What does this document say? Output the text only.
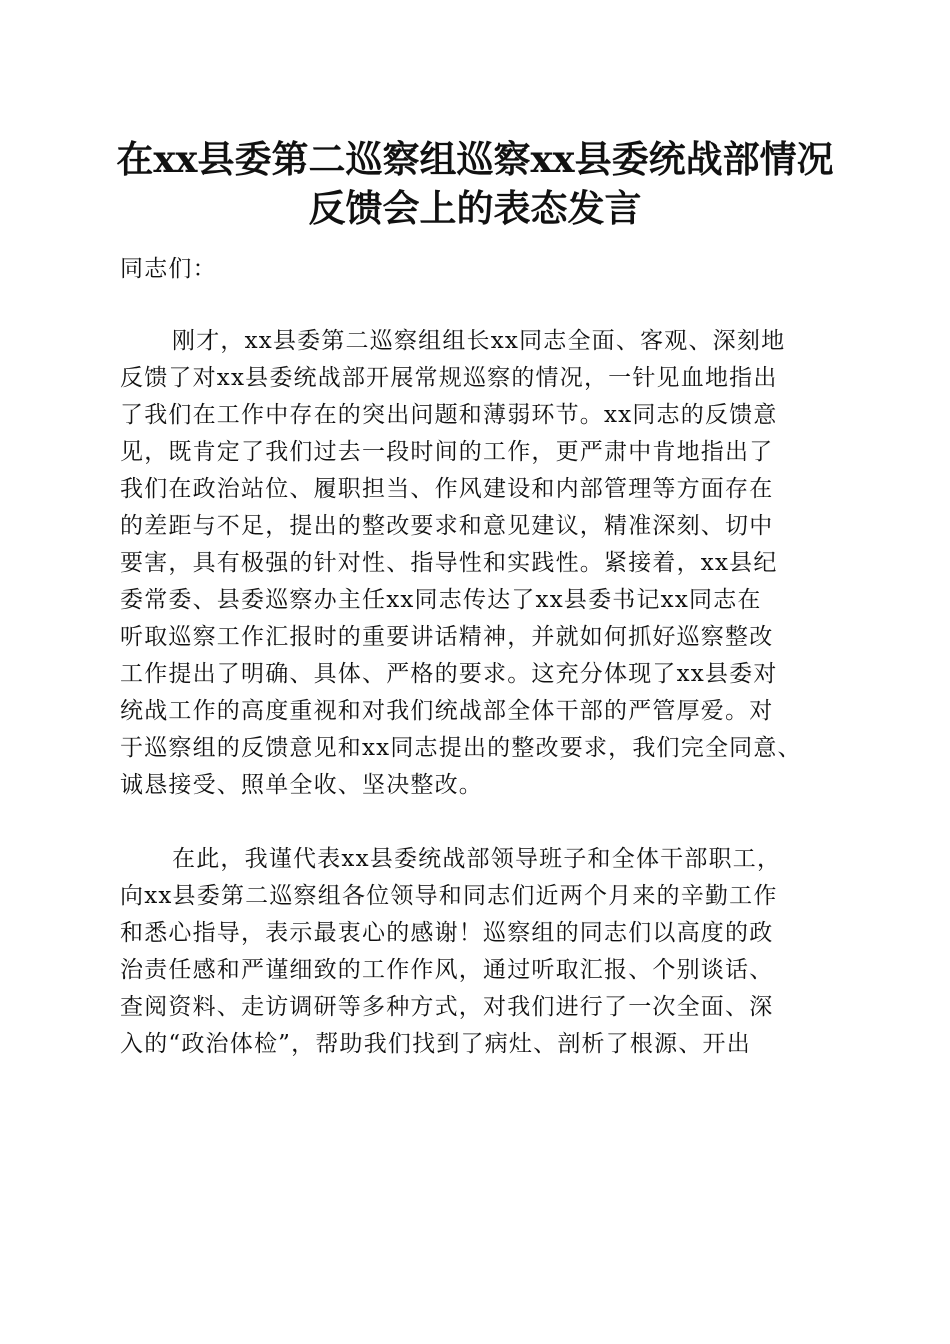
在xx县委第二巡察组巡察xx县委统战部情况
反馈会上的表态发言
同志们：
刚才，xx县委第二巡察组组长xx同志全面、客观、深刻地
反馈了对xx县委统战部开展常规巡察的情况，一针见血地指出
了我们在工作中存在的突出问题和薄弱环节。xx同志的反馈意
见，既肯定了我们过去一段时间的工作，更严肃中肯地指出了
我们在政治站位、履职担当、作风建设和内部管理等方面存在
的差距与不足，提出的整改要求和意见建议，精准深刻、切中
要害，具有极强的针对性、指导性和实践性。紧接着，xx县纪
委常委、县委巡察办主任xx同志传达了xx县委书记xx同志在
听取巡察工作汇报时的重要讲话精神，并就如何抓好巡察整改
工作提出了明确、具体、严格的要求。这充分体现了xx县委对
统战工作的高度重视和对我们统战部全体干部的严管厚爱。对
于巡察组的反馈意见和xx同志提出的整改要求，我们完全同意、
诚恳接受、照单全收、坚决整改。
在此，我谨代表xx县委统战部领导班子和全体干部职工，
向xx县委第二巡察组各位领导和同志们近两个月来的辛勤工作
和悉心指导，表示最衷心的感谢！巡察组的同志们以高度的政
治责任感和严谨细致的工作作风，通过听取汇报、个别谈话、
查阅资料、走访调研等多种方式，对我们进行了一次全面、深
入的“政治体检”，帮助我们找到了病灶、剖析了根源、开出
